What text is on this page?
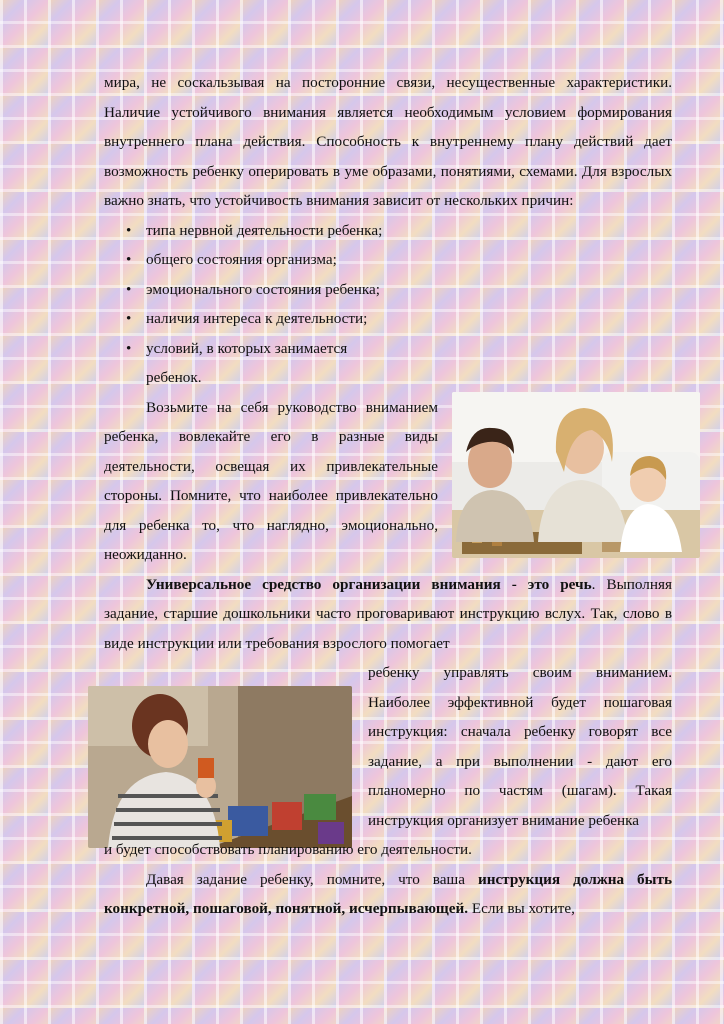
мира, не соскальзывая на посторонние связи, несущественные характеристики. Наличие устойчивого внимания является необходимым условием формирования внутреннего плана действия. Способность к внутреннему плану действий дает возможность ребенку оперировать в уме образами, понятиями, схемами. Для взрослых важно знать, что устойчивость внимания зависит от нескольких причин:

• типа нервной деятельности ребенка;
• общего состояния организма;
• эмоционального состояния ребенка;
• наличия интереса к деятельности;
• условий, в которых занимается
ребенок.

Возьмите на себя руководство вниманием ребенка, вовлекайте его в разные виды деятельности, освещая их привлекательные стороны. Помните, что наиболее привлекательно для ребенка то, что наглядно, эмоционально, неожиданно.

Универсальное средство организации внимания - это речь. Выполняя задание, старшие дошкольники часто проговаривают инструкцию вслух. Так, слово в виде инструкции или требования взрослого помогает

ребенку управлять своим вниманием. Наиболее эффективной будет пошаговая инструкция: сначала ребенку говорят все задание, а при выполнении - дают его планомерно по частям (шагам). Такая инструкция организует внимание ребенка

и будет способствовать планированию его деятельности.

Давая задание ребенку, помните, что ваша инструкция должна быть конкретной, пошаговой, понятной, исчерпывающей. Если вы хотите,
